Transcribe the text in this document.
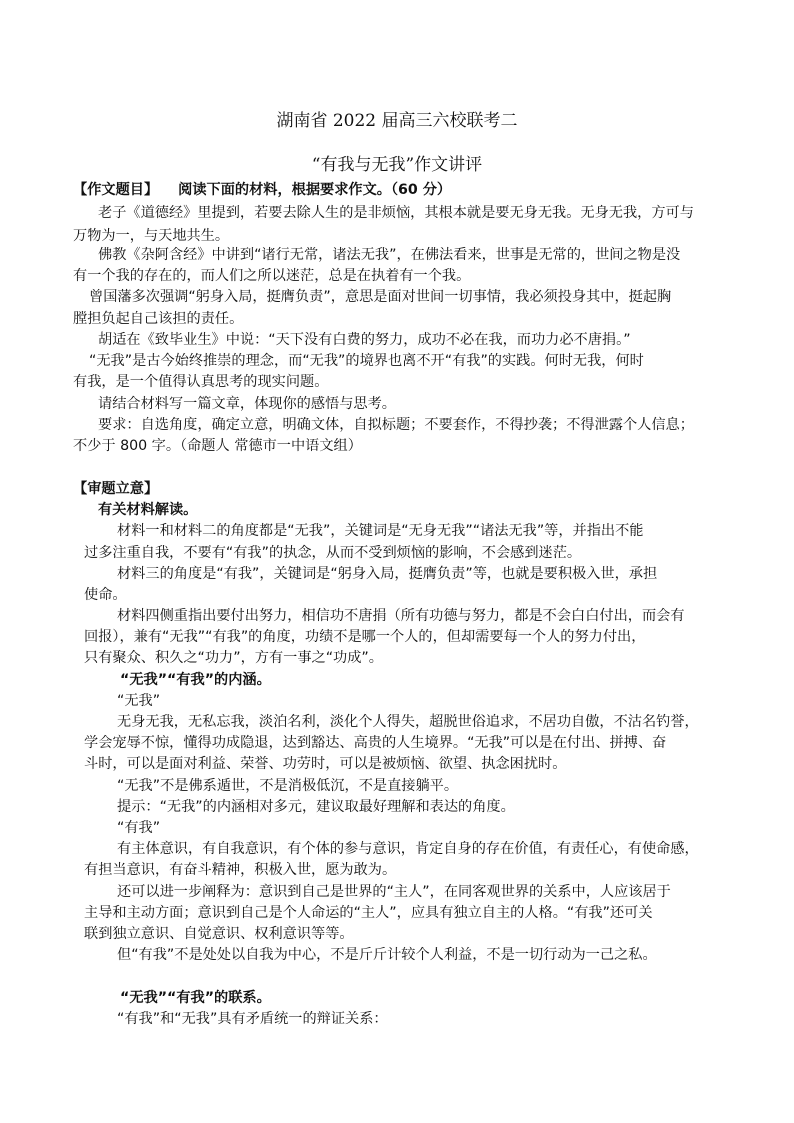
湖南省 2022 届高三六校联考二
“有我与无我”作文讲评
【作文题目】 阅读下面的材料，根据要求作文。（60 分）
老子《道德经》里提到，若要去除人生的是非烦恼，其根本就是要无身无我。无身无我，方可与
万物为一，与天地共生。
佛教《杂阿含经》中讲到“诸行无常，诸法无我”，在佛法看来，世事是无常的，世间之物是没
有一个我的存在的，而人们之所以迷茫，总是在执着有一个我。
曾国藩多次强调“躬身入局，挺膺负责”，意思是面对世间一切事情，我必须投身其中，挺起胸
膛担负起自己该担的责任。
胡适在《致毕业生》中说：“天下没有白费的努力，成功不必在我，而功力必不唐捐。”
“无我”是古今始终推崇的理念，而“无我”的境界也离不开“有我”的实践。何时无我，何时
有我，是一个值得认真思考的现实问题。
请结合材料写一篇文章，体现你的感悟与思考。
要求：自选角度，确定立意，明确文体，自拟标题；不要套作，不得抄袭；不得泄露个人信息；
不少于 800 字。（命题人 常德市一中语文组）
【审题立意】
有关材料解读。
材料一和材料二的角度都是“无我”，关键词是“无身无我”“诸法无我”等，并指出不能
过多注重自我，不要有“有我”的执念，从而不受到烦恼的影响，不会感到迷茫。
材料三的角度是“有我”，关键词是“躬身入局，挺膺负责”等，也就是要积极入世，承担
使命。
材料四侧重指出要付出努力，相信功不唐捐（所有功德与努力，都是不会白白付出，而会有
回报），兼有“无我”“有我”的角度，功绩不是哪一个人的，但却需要每一个人的努力付出，
只有聚众、积久之“功力”，方有一事之“功成”。
“无我”“有我”的内涵。
“无我”
无身无我，无私忘我，淡泊名利，淡化个人得失，超脱世俗追求，不居功自傲，不沽名钓誉，
学会宠辱不惊，懂得功成隐退，达到豁达、高贵的人生境界。“无我”可以是在付出、拼搏、奋
斗时，可以是面对利益、荣誉、功劳时，可以是被烦恼、欲望、执念困扰时。
“无我”不是佛系遁世，不是消极低沉，不是直接躺平。
提示：“无我”的内涵相对多元，建议取最好理解和表达的角度。
“有我”
有主体意识，有自我意识，有个体的参与意识，肯定自身的存在价值，有责任心，有使命感，
有担当意识，有奋斗精神，积极入世，愿为敢为。
还可以进一步阐释为：意识到自己是世界的“主人”，在同客观世界的关系中，人应该居于
主导和主动方面；意识到自己是个人命运的“主人”，应具有独立自主的人格。“有我”还可关
联到独立意识、自觉意识、权利意识等等。
但“有我”不是处处以自我为中心，不是斤斤计较个人利益，不是一切行动为一己之私。
“无我”“有我”的联系。
“有我”和“无我”具有矛盾统一的辩证关系：
